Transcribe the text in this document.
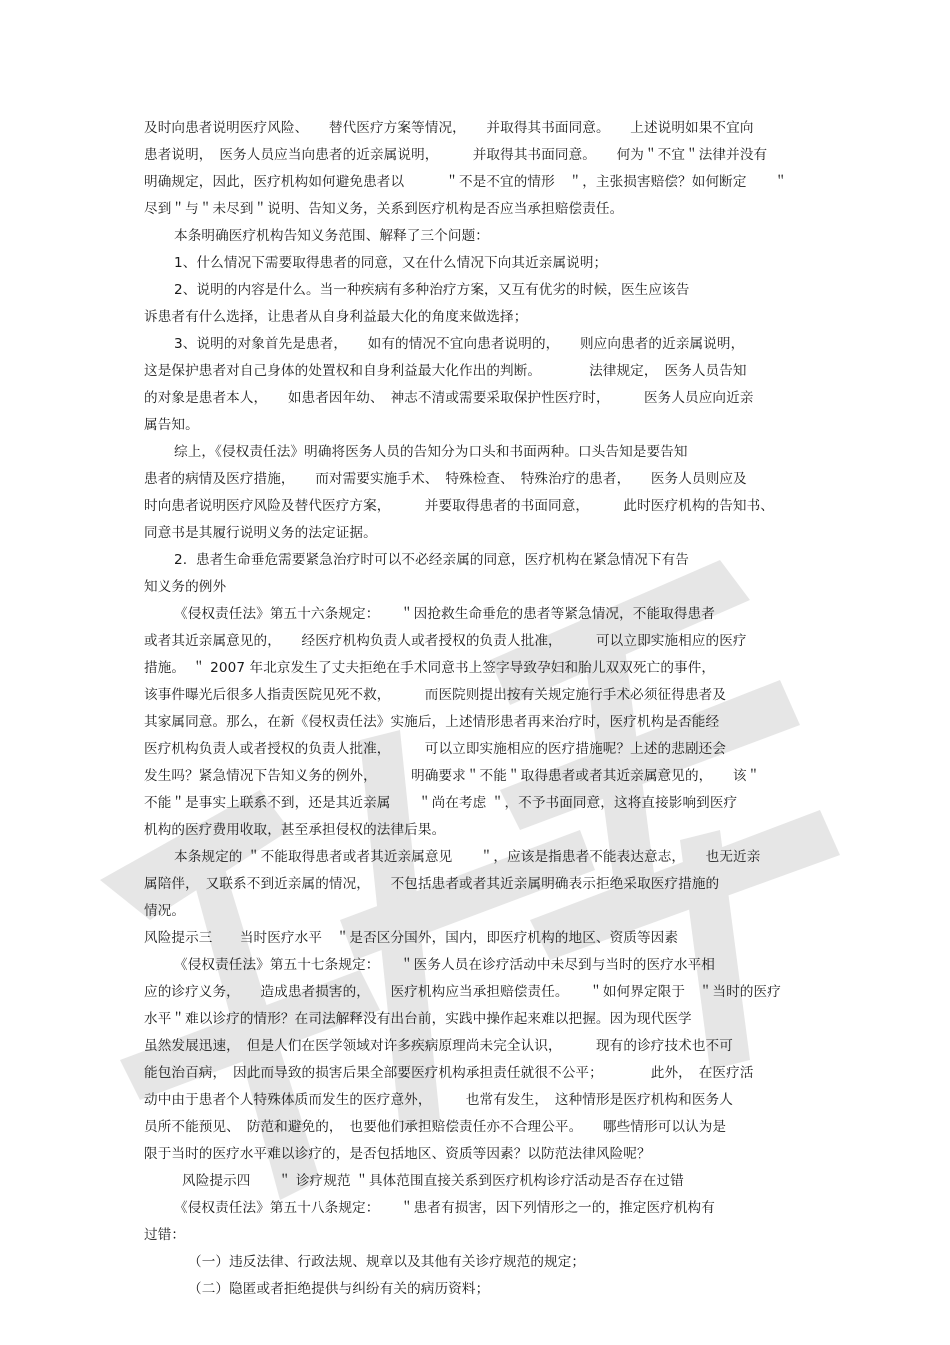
及时向患者说明医疗风险、　　替代医疗方案等情况，　　并取得其书面同意。　　上述说明如果不宜向
患者说明，　医务人员应当向患者的近亲属说明，　　　并取得其书面同意。　　何为＂不宜＂法律并没有
明确规定，因此，医疗机构如何避免患者以　　　＂不是不宜的情形　＂，主张损害赔偿？如何断定　　＂
尽到＂与＂未尽到＂说明、告知义务，关系到医疗机构是否应当承担赔偿责任。
本条明确医疗机构告知义务范围、解释了三个问题：
1、什么情况下需要取得患者的同意，又在什么情况下向其近亲属说明；
2、说明的内容是什么。当一种疾病有多种治疗方案，又互有优劣的时候，医生应该告
诉患者有什么选择，让患者从自身利益最大化的角度来做选择；
3、说明的对象首先是患者，　　如有的情况不宜向患者说明的，　　则应向患者的近亲属说明，
这是保护患者对自己身体的处置权和自身利益最大化作出的判断。　　　　法律规定，　医务人员告知
的对象是患者本人，　　如患者因年幼、　神志不清或需要采取保护性医疗时，　　　医务人员应向近亲
属告知。
综上，《侵权责任法》明确将医务人员的告知分为口头和书面两种。口头告知是要告知
患者的病情及医疗措施，　　而对需要实施手术、　特殊检查、　特殊治疗的患者，　　医务人员则应及
时向患者说明医疗风险及替代医疗方案，　　　并要取得患者的书面同意，　　　此时医疗机构的告知书、
同意书是其履行说明义务的法定证据。
2.  患者生命垂危需要紧急治疗时可以不必经亲属的同意，医疗机构在紧急情况下有告
知义务的例外
《侵权责任法》第五十六条规定：　　＂因抢救生命垂危的患者等紧急情况，不能取得患者
或者其近亲属意见的，　　经医疗机构负责人或者授权的负责人批准，　　　可以立即实施相应的医疗
措施。　＂ 2007 年北京发生了丈夫拒绝在手术同意书上签字导致孕妇和胎儿双双死亡的事件，
该事件曝光后很多人指责医院见死不救，　　　而医院则提出按有关规定施行手术必须征得患者及
其家属同意。那么，在新《侵权责任法》实施后，上述情形患者再来治疗时，医疗机构是否能经
医疗机构负责人或者授权的负责人批准，　　　可以立即实施相应的医疗措施呢？上述的悲剧还会
发生吗？紧急情况下告知义务的例外，　　　明确要求＂不能＂取得患者或者其近亲属意见的，　　该＂
不能＂是事实上联系不到，还是其近亲属　　＂尚在考虑 ＂，不予书面同意，这将直接影响到医疗
机构的医疗费用收取，甚至承担侵权的法律后果。
本条规定的 ＂不能取得患者或者其近亲属意见　　＂，应该是指患者不能表达意志，　　也无近亲
属陪伴，　又联系不到近亲属的情况，　　不包括患者或者其近亲属明确表示拒绝采取医疗措施的
情况。
风险提示三　　当时医疗水平　＂是否区分国外，国内，即医疗机构的地区、资质等因素
《侵权责任法》第五十七条规定：　　＂医务人员在诊疗活动中未尽到与当时的医疗水平相
应的诊疗义务，　　造成患者损害的，　　医疗机构应当承担赔偿责任。　　＂如何界定限于　＂当时的医疗
水平＂难以诊疗的情形？在司法解释没有出台前，实践中操作起来难以把握。因为现代医学
虽然发展迅速，　但是人们在医学领域对许多疾病原理尚未完全认识，　　　现有的诊疗技术也不可
能包治百病，　因此而导致的损害后果全部要医疗机构承担责任就很不公平；　　　　此外，　在医疗活
动中由于患者个人特殊体质而发生的医疗意外，　　　也常有发生，　这种情形是医疗机构和医务人
员所不能预见、　防范和避免的，　也要他们承担赔偿责任亦不合理公平。　　哪些情形可以认为是
限于当时的医疗水平难以诊疗的，是否包括地区、资质等因素？以防范法律风险呢？
风险提示四　　＂ 诊疗规范 ＂具体范围直接关系到医疗机构诊疗活动是否存在过错
《侵权责任法》第五十八条规定：　　＂患者有损害，因下列情形之一的，推定医疗机构有
过错：
（一）违反法律、行政法规、规章以及其他有关诊疗规范的规定；
（二）隐匿或者拒绝提供与纠纷有关的病历资料；
